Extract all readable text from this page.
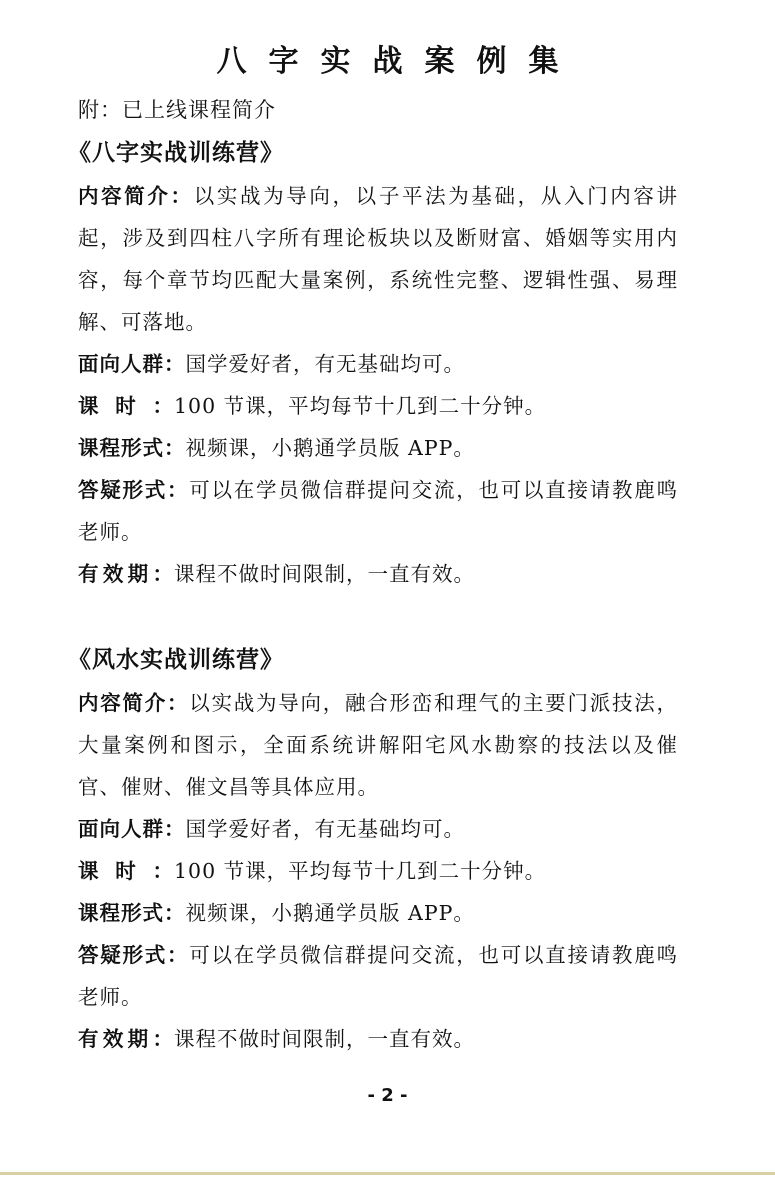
八字实战案例集
附：已上线课程简介
《八字实战训练营》

内容简介：以实战为导向，以子平法为基础，从入门内容讲起，涉及到四柱八字所有理论板块以及断财富、婚姻等实用内容，每个章节均匹配大量案例，系统性完整、逻辑性强、易理解、可落地。

面向人群：国学爱好者，有无基础均可。

课时：100 节课，平均每节十几到二十分钟。

课程形式：视频课，小鹅通学员版 APP。

答疑形式：可以在学员微信群提问交流，也可以直接请教鹿鸣老师。

有效期：课程不做时间限制，一直有效。

《风水实战训练营》

内容简介：以实战为导向，融合形峦和理气的主要门派技法，大量案例和图示，全面系统讲解阳宅风水勘察的技法以及催官、催财、催文昌等具体应用。

面向人群：国学爱好者，有无基础均可。

课时：100 节课，平均每节十几到二十分钟。

课程形式：视频课，小鹅通学员版 APP。

答疑形式：可以在学员微信群提问交流，也可以直接请教鹿鸣老师。

有效期：课程不做时间限制，一直有效。

- 2 -
